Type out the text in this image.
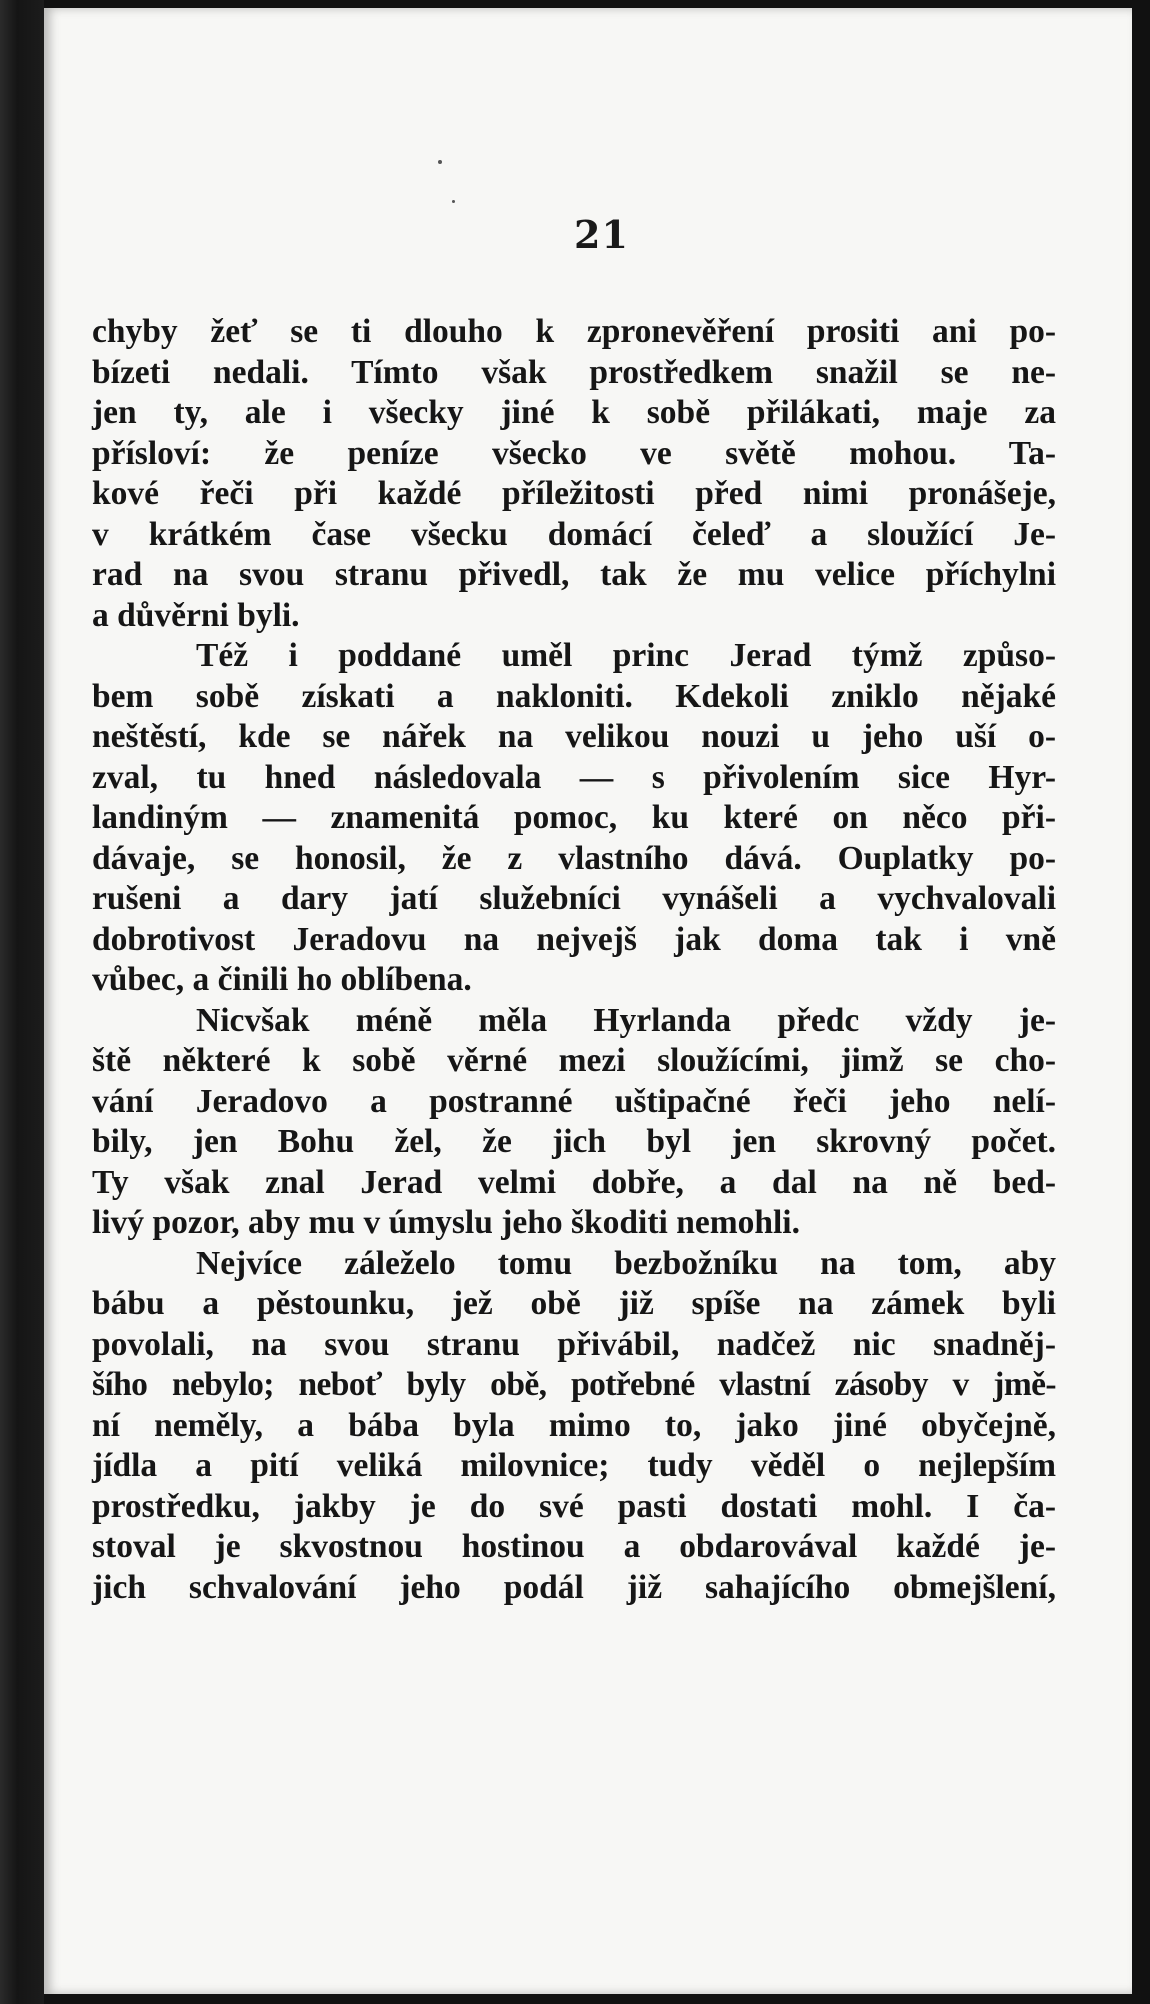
21
chyby žeť se ti dlouho k zpronevěření prositi ani po-
bízeti nedali. Tímto však prostředkem snažil se ne-
jen ty, ale i všecky jiné k sobě přilákati, maje za
přísloví: že peníze všecko ve světě mohou. Ta-
kové řeči při každé příležitosti před nimi pronášeje,
v krátkém čase všecku domácí čeleď a sloužící Je-
rad na svou stranu přivedl, tak že mu velice příchylni
a důvěrni byli.
Též i poddané uměl princ Jerad týmž způso-
bem sobě získati a nakloniti. Kdekoli zniklo nějaké
neštěstí, kde se nářek na velikou nouzi u jeho uší o-
zval, tu hned následovala — s přivolením sice Hyr-
landiným — znamenitá pomoc, ku které on něco při-
dávaje, se honosil, že z vlastního dává. Ouplatky po-
rušeni a dary jatí služebníci vynášeli a vychvalovali
dobrotivost Jeradovu na nejvejš jak doma tak i vně
vůbec, a činili ho oblíbena.
Nicvšak méně měla Hyrlanda předc vždy je-
ště některé k sobě věrné mezi sloužícími, jimž se cho-
vání Jeradovo a postranné uštipačné řeči jeho nelí-
bily, jen Bohu žel, že jich byl jen skrovný počet.
Ty však znal Jerad velmi dobře, a dal na ně bed-
livý pozor, aby mu v úmyslu jeho škoditi nemohli.
Nejvíce záleželo tomu bezbožníku na tom, aby
bábu a pěstounku, jež obě již spíše na zámek byli
povolali, na svou stranu přivábil, nadčež nic snadněj-
šího nebylo; neboť byly obě, potřebné vlastní zásoby v jmě-
ní neměly, a bába byla mimo to, jako jiné obyčejně,
jídla a pití veliká milovnice; tudy věděl o nejlepším
prostředku, jakby je do své pasti dostati mohl. I ča-
stoval je skvostnou hostinou a obdarovával každé je-
jich schvalování jeho podál již sahajícího obmejšlení,
